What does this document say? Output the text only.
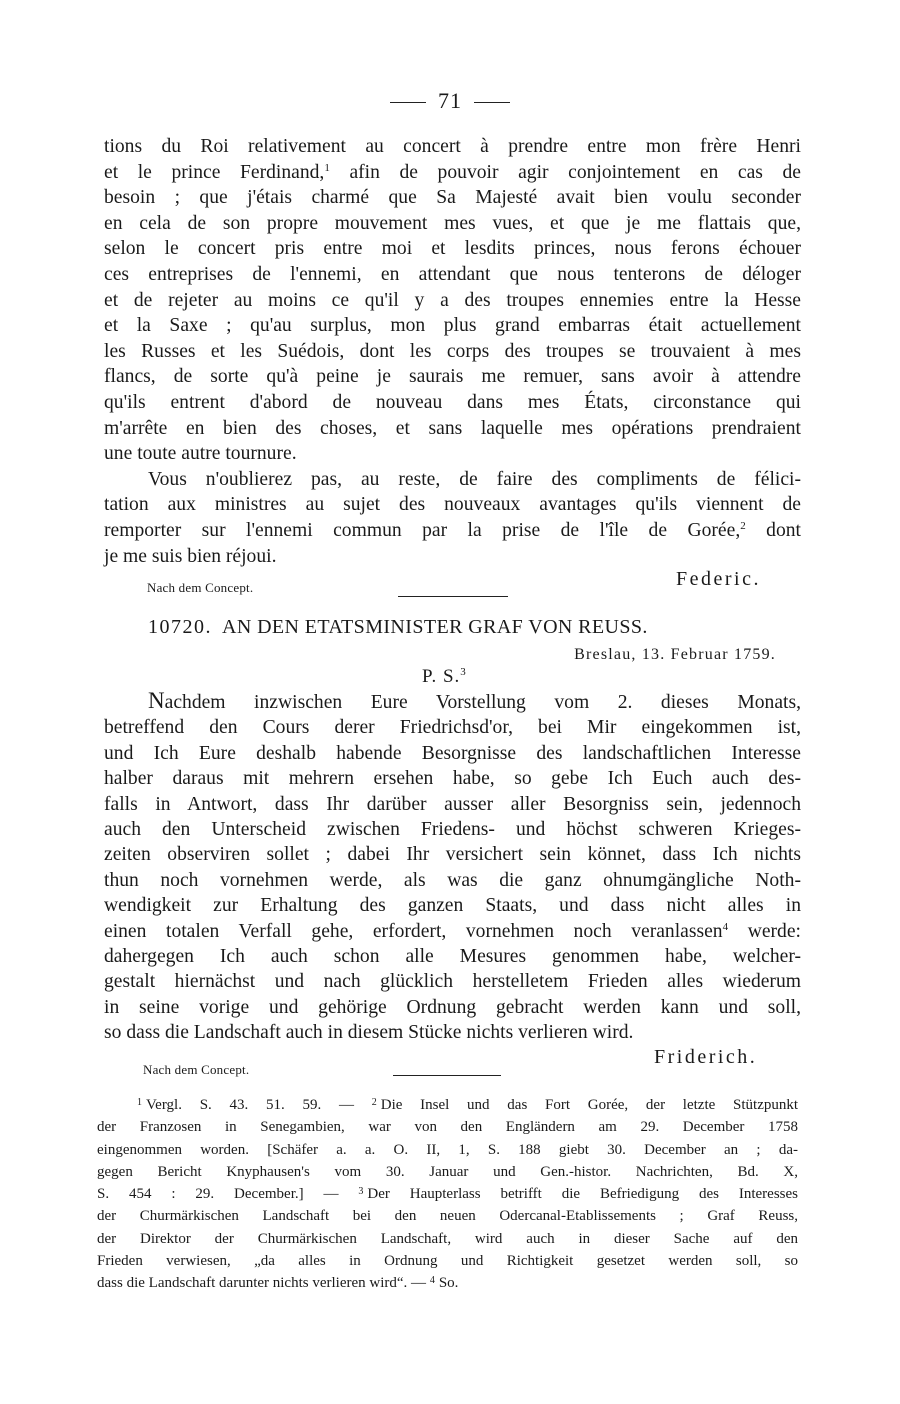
71

tions du Roi relativement au concert à prendre entre mon frère Henri

et le prince Ferdinand,$^1$ afin de pouvoir agir conjointement en cas de

besoin ; que j'étais charmé que Sa Majesté avait bien voulu seconder

en cela de son propre mouvement mes vues, et que je me flattais que,

selon le concert pris entre moi et lesdits princes, nous ferons échouer

ces entreprises de l'ennemi, en attendant que nous tenterons de déloger

et de rejeter au moins ce qu'il y a des troupes ennemies entre la Hesse

et la Saxe ; qu'au surplus, mon plus grand embarras était actuellement

les Russes et les Suédois, dont les corps des troupes se trouvaient à mes

flancs, de sorte qu'à peine je saurais me remuer, sans avoir à attendre

qu'ils entrent d'abord de nouveau dans mes États, circonstance qui

m'arrête en bien des choses, et sans laquelle mes opérations prendraient

une toute autre tournure.

Vous n'oublierez pas, au reste, de faire des compliments de félici-

tation aux ministres au sujet des nouveaux avantages qu'ils viennent de

remporter sur l'ennemi commun par la prise de l'île de Gorée,$^2$ dont

je me suis bien réjoui.

Nach dem Concept.	Federic.
10720. AN DEN ETATSMINISTER GRAF VON REUSS.
Breslau, 13. Februar 1759.
P. S.$^3$

Nachdem inzwischen Eure Vorstellung vom 2. dieses Monats,

betreffend den Cours derer Friedrichsd'or, bei Mir eingekommen ist,

und Ich Eure deshalb habende Besorgnisse des landschaftlichen Interesse

halber daraus mit mehrern ersehen habe, so gebe Ich Euch auch des-

falls in Antwort, dass Ihr darüber ausser aller Besorgniss sein, jedennoch

auch den Unterscheid zwischen Friedens- und höchst schweren Krieges-

zeiten observiren sollet ; dabei Ihr versichert sein könnet, dass Ich nichts

thun noch vornehmen werde, als was die ganz ohnumgängliche Noth-

wendigkeit zur Erhaltung des ganzen Staats, und dass nicht alles in

einen totalen Verfall gehe, erfordert, vornehmen noch veranlassen$^4$ werde:

dahergegen Ich auch schon alle Mesures genommen habe, welcher-

gestalt hiernächst und nach glücklich herstelletem Frieden alles wiederum

in seine vorige und gehörige Ordnung gebracht werden kann und soll,

so dass die Landschaft auch in diesem Stücke nichts verlieren wird.

Nach dem Concept.
Friderich.

$^1$ Vergl. S. 43. 51. 59. — $^2$ Die Insel und das Fort Gorée, der letzte Stützpunkt

der Franzosen in Senegambien, war von den Engländern am 29. December 1758

eingenommen worden. [Schäfer a. a. O. II, 1, S. 188 giebt 30. December an ; da-

gegen Bericht Knyphausen's vom 30. Januar und Gen.-histor. Nachrichten, Bd. X,

S. 454 : 29. December.] — $^3$ Der Haupterlass betrifft die Befriedigung des Interesses

der Churmärkischen Landschaft bei den neuen Odercanal-Etablissements ; Graf Reuss,

der Direktor der Churmärkischen Landschaft, wird auch in dieser Sache auf den

Frieden verwiesen, „da alles in Ordnung und Richtigkeit gesetzet werden soll, so

dass die Landschaft darunter nichts verlieren wird“. — $^4$ So.
